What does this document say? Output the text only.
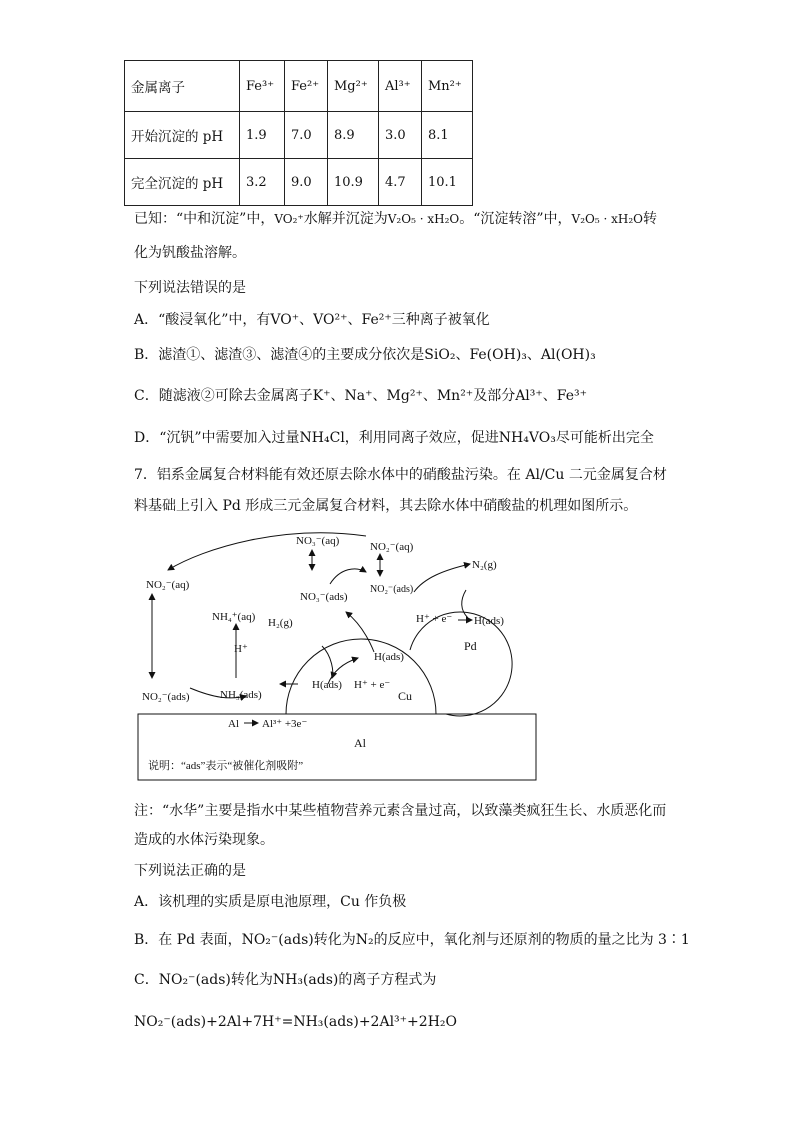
金属离子	Fe³⁺	Fe²⁺	Mg²⁺	Al³⁺	Mn²⁺
开始沉淀的 pH	1.9	7.0	8.9	3.0	8.1
完全沉淀的 pH	3.2	9.0	10.9	4.7	10.1
已知：“中和沉淀”中，VO₂⁺水解并沉淀为V₂O₅ · xH₂O。“沉淀转溶”中，V₂O₅ · xH₂O转
化为钒酸盐溶解。
下列说法错误的是
A．“酸浸氧化”中，有VO⁺、VO²⁺、Fe²⁺三种离子被氧化
B．滤渣①、滤渣③、滤渣④的主要成分依次是SiO₂、Fe(OH)₃、Al(OH)₃
C．随滤液②可除去金属离子K⁺、Na⁺、Mg²⁺、Mn²⁺及部分Al³⁺、Fe³⁺
D．“沉钒”中需要加入过量NH₄Cl，利用同离子效应，促进NH₄VO₃尽可能析出完全
7．铝系金属复合材料能有效还原去除水体中的硝酸盐污染。在 Al/Cu 二元金属复合材
料基础上引入 Pd 形成三元金属复合材料，其去除水体中硝酸盐的机理如图所示。
NO₃⁻(aq)	NO₂⁻(aq)
NO₂⁻(aq)
NO₃⁻(ads)
NO₂⁻(ads)
N₂(g)
NH₄⁺(aq)
H⁺
H₂(g)	H⁺ + e⁻ H(ads)
Pd
H(ads)
H(ads) H⁺ + e⁻
Cu
NO₂⁻(ads)	NH₃(ads)
Al Al³⁺ +3e⁻
Al
说明：“ads”表示“被催化剂吸附”
注：“水华”主要是指水中某些植物营养元素含量过高，以致藻类疯狂生长、水质恶化而
造成的水体污染现象。
下列说法正确的是
A．该机理的实质是原电池原理，Cu 作负极
B．在 Pd 表面，NO₂⁻(ads)转化为N₂的反应中，氧化剂与还原剂的物质的量之比为 3∶1
C．NO₂⁻(ads)转化为NH₃(ads)的离子方程式为
NO₂⁻(ads)+2Al+7H⁺=NH₃(ads)+2Al³⁺+2H₂O
